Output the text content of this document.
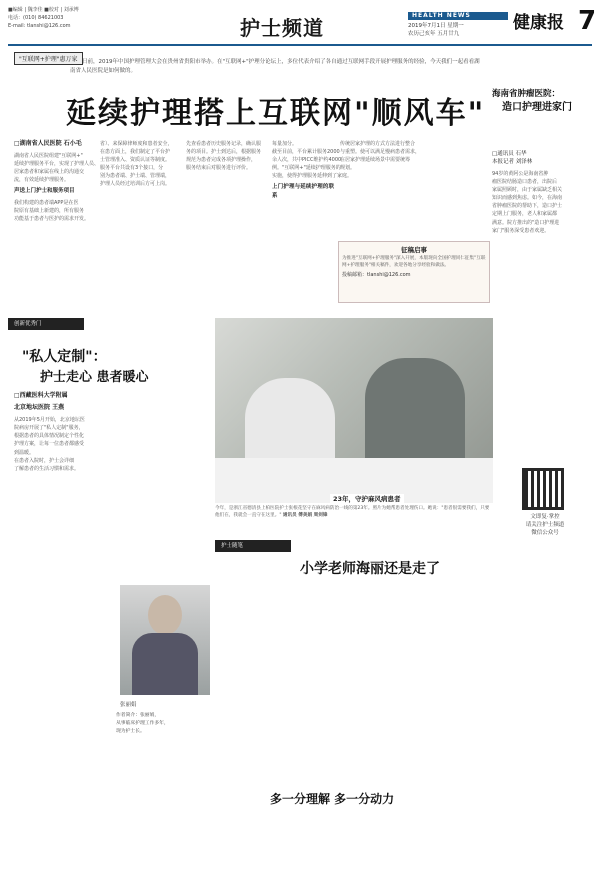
■编辑 | 魏李佳 ■校对 | 刘承博
电话：(010) 84621003
E-mail: tlanshi@126.com	护士频道
HEALTH NEWS
2019年7月1日 星期一
农历己亥年 五月廿九
健康报 7
"互联网+护理"惠万家 日前，2019年中国护理管理大会在贵州省贵阳市举办。在"互联网+"护理分论坛上，多位代表介绍了各自通过互联网手段开展护理服务的经验，今天我们一起看看湖南省人民医院是如何做的。
延续护理搭上互联网"顺风车"
□湖南省人民医院 石小毛
湖南省人民医院组建"互联网+"
延续护理服务平台，实现了护理人员、
居家患者和家属在线上的沟通交
流，有效延续护理服务。
声送上门护士和服务项目
我们构建的患者端APP是在医
院原有基础上新建的，所有服务
功能基于患者与医护的需求开发。
省）、来保障律师度和患者安全，
在患方面上，我们制定了平台护
士管理准入、资质认证等制度。
服务平台共设有3个接口，分
别为患者端、护士端、管理端，
护理人员经过培训后方可上岗。
先查看患者历史服务记录，确认服
务的项目。护士到达后，根据服务
规范为患者完成各项护理操作，
服务结束后对服务进行评价。
每量加分。
截至目前，平台累计服务2000
余人次，共中PICC维护约4000
例。"互联网+"延续护理服务的
实施，使得护理服务延伸到了家庭。
上门护理与延续护理的联系
传统居家护理的方式方法进行整合
与重塑。使可以满足慢病患者需求，
在居家护理延续场景中需要统筹
规划。
征稿启事
为推进"互联网+护理服务"深入开展，本版现向全国护理同仁征集"互联网+护理服务"相关稿件，欢迎各地分享经验和做法。
投稿邮箱：tlanshi@126.com
海南省肿瘤医院：
造口护理进家门
□通讯员 石华
本报记者 刘泽林
94岁的黄阿公是海南省肿
瘤医院结肠造口患者，出院后
家属照顾时，由于家属缺乏相关
知识而感到焦虑。如今，在海南
省肿瘤医院的帮助下，造口护士
定期上门服务，老人和家属都
满意。院方推出的"造口护理进
家门"服务深受患者欢迎。
创新优秀门
"私人定制"：
护士走心 患者暖心
□西藏医科大学附属
北京地坛医院 王燕
从2019年5月开始，北京地坛医
院病房开展了"私人定制"服务，
根据患者的具体情况制定个性化
护理方案，让每一位患者都感受
到温暖。
在患者入院时，护士会详细
了解患者的生活习惯和需求。
23年，守护麻风病患者
今年，是浙江省德清县上柏医院护士张根花坚守在麻风病防治一线的第23年。照片为她帮患者处理伤口。她说："患者很需要我们，只要他们在，我就会一直守在这里。" 通讯员 傅美娟 周剑锋	文即复·掌控
请关注护士频道
微信公众号
护士随笔
小学老师海丽还是走了
张丽娟
作者简介：张丽娟，
从事临床护理工作多年，
现为护士长。
多一分理解 多一分动力
